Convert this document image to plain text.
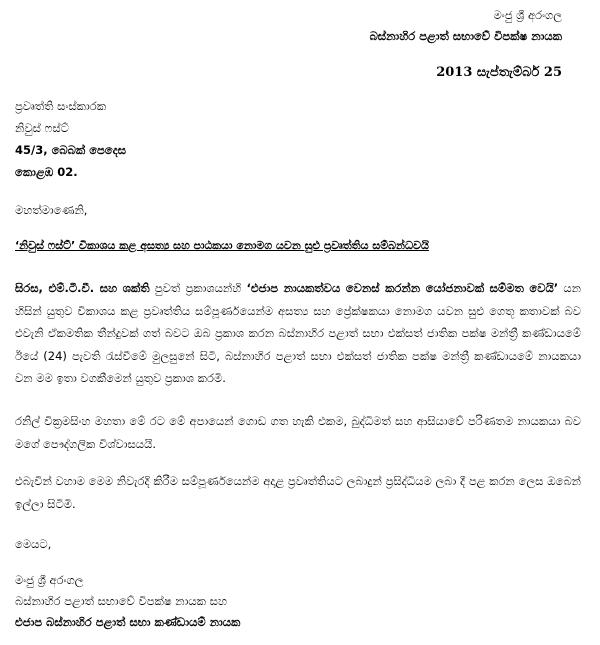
මංජු ශ්‍රී අරංගල
බස්නාහිර පළාත් සභාවේ විපක්ෂ නායක
2013 සැප්තැම්බර් 25
ප්‍රවෘත්ති සංස්කාරක
නිවුස් ෆස්ට්
45/3, බෙබක් පෙදෙස
කොළඹ 02.
මහත්මාණෙනි,
‘නිවුස් ෆස්ට්’ විකාශය කළ අසත්‍ය සහ පාඨකයා නොමග යවන සුළු ප්‍රවෘත්තිය සම්බන්ධවයි
සිරස, එම්.ටී.වී. සහ ශක්ති පුවත් ප්‍රකාශයන්හි ‘එජාප නායකත්වය වෙනස් කරන්න යෝජනාවක් සම්මත වෙයි’ යන හිසින් යුතුව විකාශය කළ ප්‍රවෘත්තිය සම්පූර්ණයෙන්ම අසත්‍ය සහ ප්‍රේක්ෂකයා නොමග යවන සුළු ගෙතූ කතාවක් බව එවැනි ඒකමතික තීන්දුවක් ගත් බවට ඔබ ප්‍රකාශ කරන බස්නාහිර පළාත් සභා එක්සත් ජාතික පක්ෂ මන්ත්‍රී කණ්ඩායමේ ඊයේ (24) පැවති රැස්වීමේ මුලසුනේ සිටි, බස්නාහිර පළාත් සභා එක්සත් ජාතික පක්ෂ මන්ත්‍රී කණ්ඩායමේ නායකයා වන මම ඉතා වගකීමෙන් යුතුව ප්‍රකාශ කරමි.
රනිල් වික්‍රමසිංහ මහතා මේ රට මේ අපායෙන් ගොඩ ගත හැකි එකම, බුද්ධිමත් සහ ආසියාවේ පරිණතම නායකයා බව මගේ පෞද්ගලික විශ්වාසයයි.
එබැවින් වහාම මෙම නිවැරදි කිරීම සම්පූර්ණයෙන්ම අදාළ ප්‍රවෘත්තියට ලබාදුන් ප්‍රසිද්ධියම ලබා දී පළ කරන ලෙස ඔබෙන් ඉල්ලා සිටිමි.
මෙයට,
මංජු ශ්‍රී අරංගල
බස්නාහිර පළාත් සභාවේ විපක්ෂ නායක සහ
එජාප බස්නාහිර පළාත් සභා කණ්ඩායම් නායක
